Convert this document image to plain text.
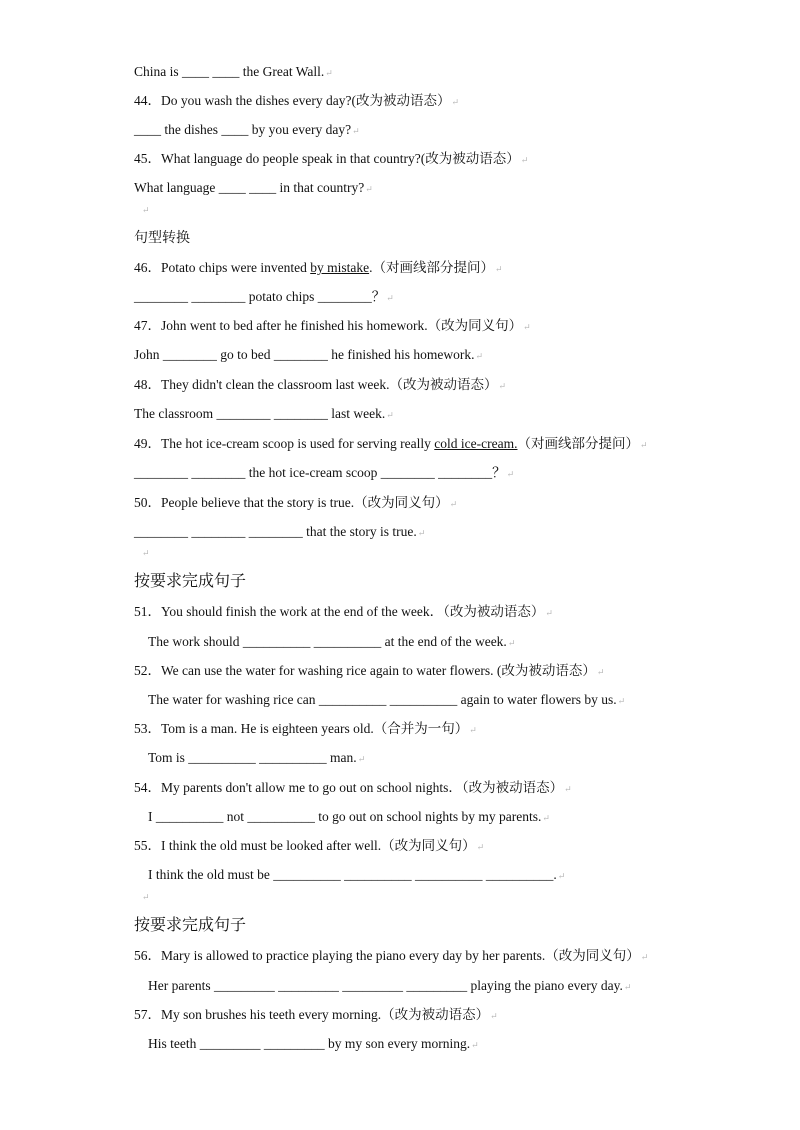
China is ____ ____ the Great Wall.↵
44．Do you wash the dishes every day?(改为被动语态）↵
____ the dishes ____ by you every day?↵
45．What language do people speak in that country?(改为被动语态）↵
What language ____ ____ in that country?↵
↵
句型转换
46．Potato chips were invented by mistake.（对画线部分提问）↵
________ ________ potato chips ________？↵
47．John went to bed after he finished his homework.（改为同义句）↵
John ________ go to bed ________ he finished his homework.↵
48．They didn't clean the classroom last week.（改为被动语态）↵
The classroom ________ ________ last week.↵
49．The hot ice-cream scoop is used for serving really cold ice-cream.（对画线部分提问）↵
________ ________ the hot ice-cream scoop ________ ________？↵
50．People believe that the story is true.（改为同义句）↵
________ ________ ________ that the story is true.↵
↵
按要求完成句子
51．You should finish the work at the end of the week．（改为被动语态）↵
The work should __________ __________ at the end of the week.↵
52．We can use the water for washing rice again to water flowers. (改为被动语态）↵
The water for washing rice can __________ __________ again to water flowers by us.↵
53．Tom is a man. He is eighteen years old.（合并为一句）↵
Tom is __________ __________ man.↵
54．My parents don't allow me to go out on school nights．（改为被动语态）↵
I __________ not __________ to go out on school nights by my parents.↵
55．I think the old must be looked after well.（改为同义句）↵
I think the old must be __________ __________ __________ __________.↵
↵
按要求完成句子
56．Mary is allowed to practice playing the piano every day by her parents.（改为同义句）↵
Her parents _________ _________ _________ _________ playing the piano every day.↵
57．My son brushes his teeth every morning.（改为被动语态）↵
His teeth _________ _________ by my son every morning.↵
